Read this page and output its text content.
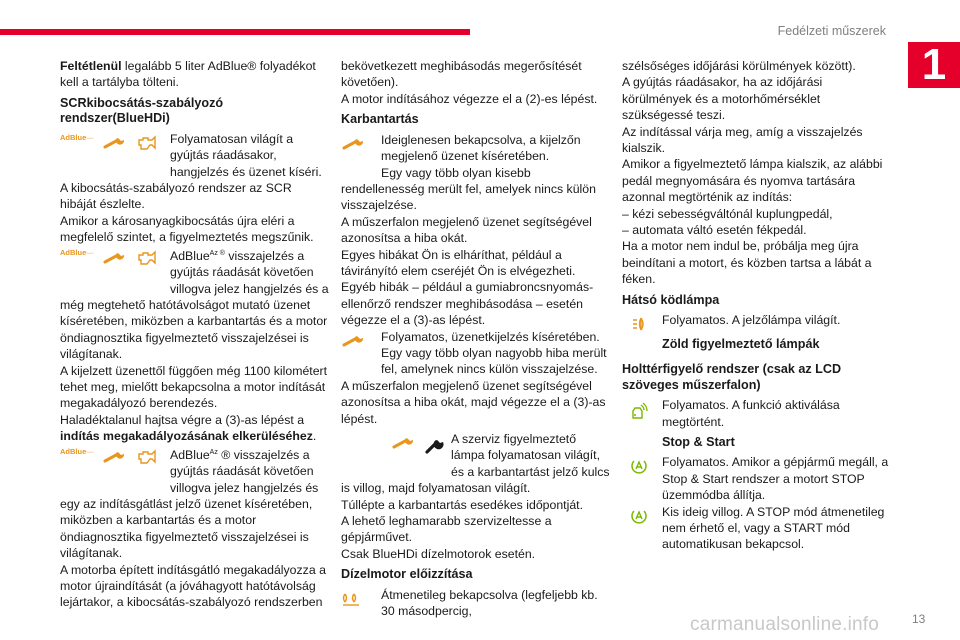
Fedélzeti műszerek
1

Feltétlenül legalább 5 liter AdBlue® folyadékot kell a tartályba tölteni.

SCRkibocsátás-szabályozó rendszer(BlueHDi)
AdBlue	Folyamatosan világít a gyújtás ráadásakor, hangjelzés és üzenet kíséri.

A kibocsátás-szabályozó rendszer az SCR hibáját észlelte.

Amikor a károsanyagkibocsátás újra eléri a megfelelő szintet, a figyelmeztetés megszűnik.

AdBlue	AdBlue$^{Az ®}$ visszajelzés a gyújtás ráadását követően villogva jelez hangjelzés és a még megtehető hatótávolságot mutató üzenet kíséretében, miközben a karbantartás és a motor öndiagnosztika figyelmeztető visszajelzései is világítanak.

A kijelzett üzenettől függően még 1100 kilométert tehet meg, mielőtt bekapcsolna a motor indítását megakadályozó berendezés.

Haladéktalanul hajtsa végre a (3)-as lépést a indítás megakadályozásának elkerüléséhez.

AdBlue	AdBlue$^{Az}$ ® visszajelzés a gyújtás ráadását követően villogva jelez hangjelzés és egy az indításgátlást jelző üzenet kíséretében, miközben a karbantartás és a motor öndiagnosztika figyelmeztető visszajelzései is világítanak.

A motorba épített indításgátló megakadályozza a motor újraindítását (a jóváhagyott hatótávolság lejártakor, a kibocsátás-szabályozó rendszerben

bekövetkezett meghibásodás megerősítését követően).

A motor indításához végezze el a (2)-es lépést.

Karbantartás

Ideiglenesen bekapcsolva, a kijelzőn megjelenő üzenet kíséretében.

Egy vagy több olyan kisebb rendellenesség merült fel, amelyek nincs külön visszajelzése.

A műszerfalon megjelenő üzenet segítségével azonosítsa a hiba okát.

Egyes hibákat Ön is elháríthat, például a távirányító elem cseréjét Ön is elvégezheti.

Egyéb hibák – például a gumiabroncsnyomás-ellenőrző rendszer meghibásodása – esetén végezze el a (3)-as lépést.

Folyamatos, üzenetkijelzés kíséretében. Egy vagy több olyan nagyobb hiba merült fel, amelynek nincs külön visszajelzése.

A műszerfalon megjelenő üzenet segítségével azonosítsa a hiba okát, majd végezze el a (3)-as lépést.

A szerviz figyelmeztető lámpa folyamatosan világít, és a karbantartást jelző kulcs is villog, majd folyamatosan világít.

Túllépte a karbantartás esedékes időpontját.

A lehető leghamarabb szervizeltesse a gépjárművet.

Csak BlueHDi dízelmotorok esetén.

Dízelmotor előizzítása

Átmenetileg bekapcsolva (legfeljebb kb. 30 másodpercig,

szélsőséges időjárási körülmények között).

A gyújtás ráadásakor, ha az időjárási körülmények és a motorhőmérséklet szükségessé teszi.

Az indítással várja meg, amíg a visszajelzés kialszik.

Amikor a figyelmeztető lámpa kialszik, az alábbi pedál megnyomására és nyomva tartására azonnal megtörténik az indítás:

– kézi sebességváltónál kuplungpedál,

– automata váltó esetén fékpedál.

Ha a motor nem indul be, próbálja meg újra beindítani a motort, és közben tartsa a lábát a féken.

Hátsó ködlámpa

Folyamatos. A jelzőlámpa világít.

Zöld figyelmeztető lámpák
Holttérfigyelő rendszer (csak az LCD szöveges műszerfalon)

Folyamatos. A funkció aktiválása megtörtént.

Stop & Start

Folyamatos. Amikor a gépjármű megáll, a Stop & Start rendszer a motort STOP üzemmódba állítja.

Kis ideig villog. A STOP mód átmenetileg nem érhető el, vagy a START mód automatikusan bekapcsol.

carmanualsonline.info	13
